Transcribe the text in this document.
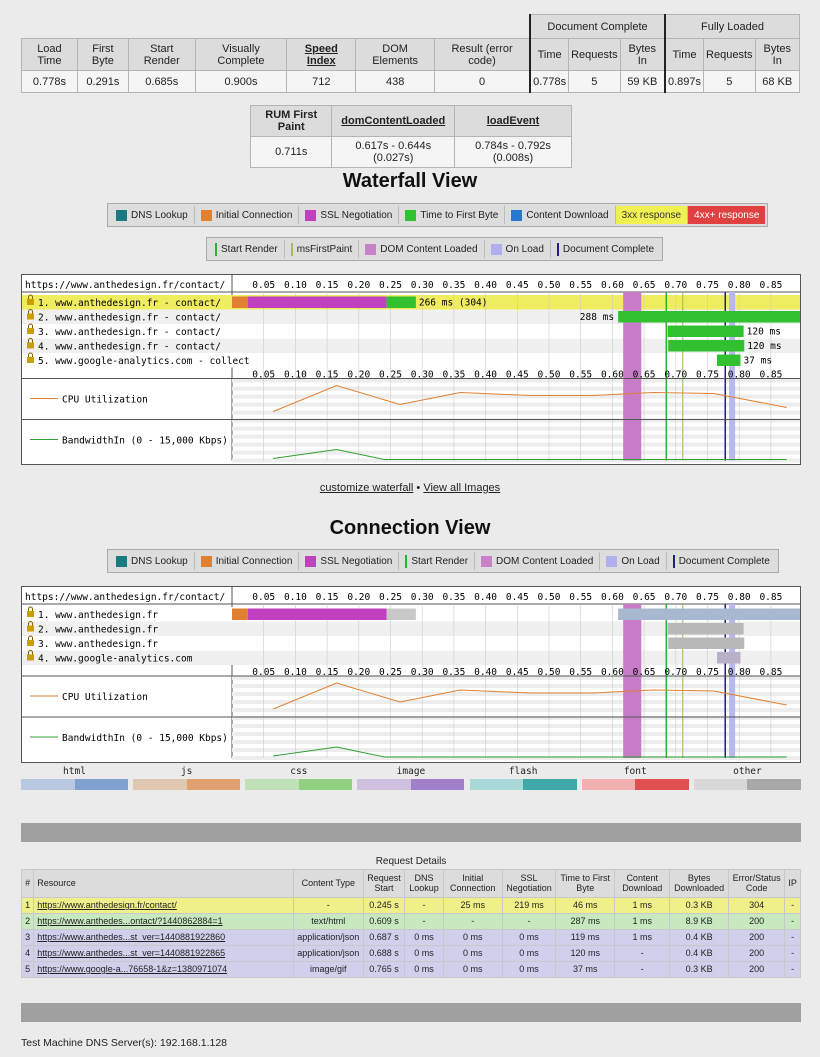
							Document Complete			Fully Loaded		
Load Time	First Byte	Start Render	Visually Complete	Speed Index	DOM Elements	Result (error code)	Time	Requests	Bytes In	Time	Requests	Bytes In
0.778s	0.291s	0.685s	0.900s	712	438	0	0.778s	5	59 KB	0.897s	5	68 KB
RUM First Paint	domContentLoaded	loadEvent
0.711s	0.617s - 0.644s (0.027s)	0.784s - 0.792s (0.008s)
Waterfall View
DNS Lookup	Initial Connection	SSL Negotiation	Time to First Byte	Content Download 3xx response 4xx+ response
Start Render msFirstPaint	DOM Content Loaded	On Load Document Complete
https://www.anthedesign.fr/contact/	0.05
0.05
0.10
0.10
0.15
0.15
0.20
0.20
0.25
0.25
0.30
0.30
0.35
0.35
0.40
0.40
0.45
0.45
0.50
0.50
0.55
0.55
0.60
0.60
0.65
0.65
0.70
0.70
0.75
0.75
0.80
0.80
0.85
0.85
1. www.anthedesign.fr - contact/
2. www.anthedesign.fr - contact/
3. www.anthedesign.fr - contact/
4. www.anthedesign.fr - contact/
5. www.google-analytics.com - collect
266 ms (304)
288 ms
120 ms
120 ms
37 ms
CPU Utilization
BandwidthIn (0 - 15,000 Kbps)
customize waterfall • View all Images
Connection View
DNS Lookup	Initial Connection	SSL Negotiation Start Render	DOM Content Loaded	On Load Document Complete
https://www.anthedesign.fr/contact/	0.05
0.05
0.10
0.10
0.15
0.15
0.20
0.20
0.25
0.25
0.30
0.30
0.35
0.35
0.40
0.40
0.45
0.45
0.50
0.50
0.55
0.55
0.60
0.60
0.65
0.65
0.70
0.70
0.75
0.75
0.80
0.80
0.85
0.85
1. www.anthedesign.fr
2. www.anthedesign.fr
3. www.anthedesign.fr
4. www.google-analytics.com
CPU Utilization
BandwidthIn (0 - 15,000 Kbps)
html	js	css	image	flash	font	other
Request Details											
#	Resource	Content Type	Request Start	DNS Lookup	Initial Connection	SSL Negotiation	Time to First Byte	Content Download	Bytes Downloaded	Error/Status Code	IP
1	https://www.anthedesign.fr/contact/	-	0.245 s	-	25 ms	219 ms	46 ms	1 ms	0.3 KB	304	-
2	https://www.anthedes...ontact/?1440862884=1	text/html	0.609 s	-	-	-	287 ms	1 ms	8.9 KB	200	-
3	https://www.anthedes...st_ver=1440881922860	application/json	0.687 s	0 ms	0 ms	0 ms	119 ms	1 ms	0.4 KB	200	-
4	https://www.anthedes...st_ver=1440881922865	application/json	0.688 s	0 ms	0 ms	0 ms	120 ms	-	0.4 KB	200	-
5	https://www.google-a...76658-1&z=1380971074	image/gif	0.765 s	0 ms	0 ms	0 ms	37 ms	-	0.3 KB	200	-
Test Machine DNS Server(s): 192.168.1.128
